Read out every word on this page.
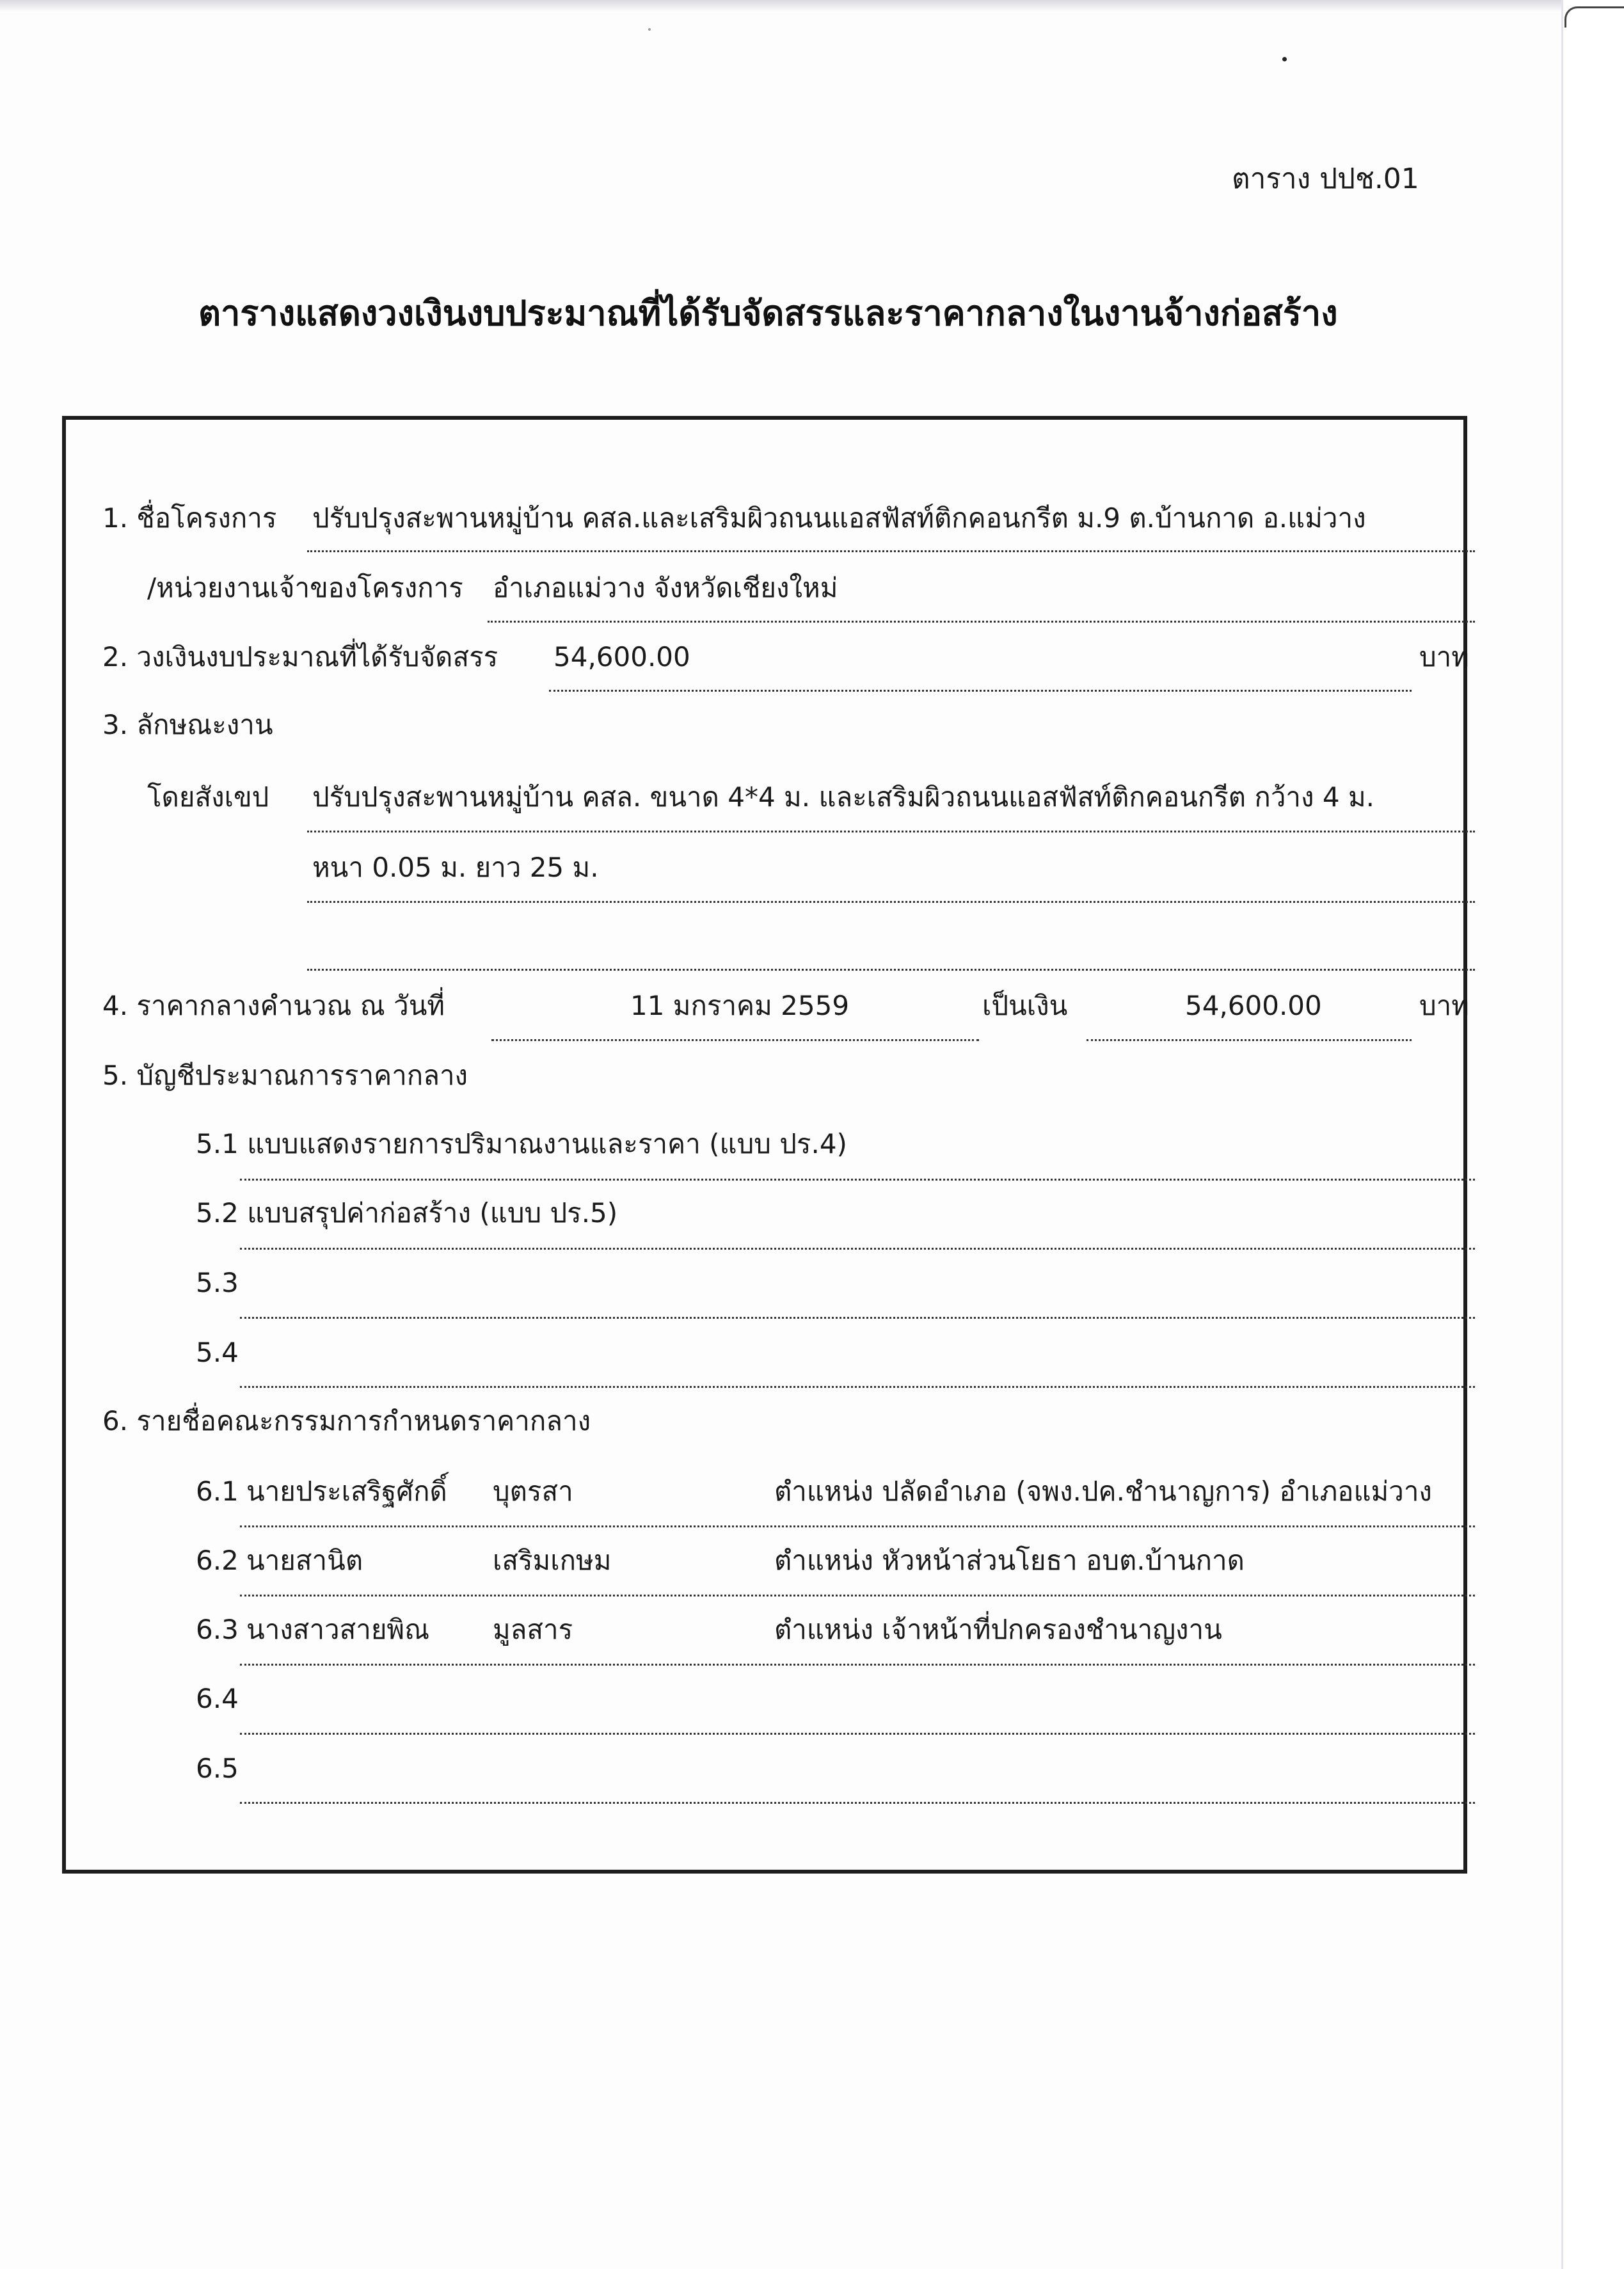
ตาราง ปปช.01
ตารางแสดงวงเงินงบประมาณที่ได้รับจัดสรรและราคากลางในงานจ้างก่อสร้าง
1. ชื่อโครงการ ปรับปรุงสะพานหมู่บ้าน คสล.และเสริมผิวถนนแอสฟัสท์ติกคอนกรีต ม.9 ต.บ้านกาด อ.แม่วาง
/หน่วยงานเจ้าของโครงการ อำเภอแม่วาง จังหวัดเชียงใหม่
2. วงเงินงบประมาณที่ได้รับจัดสรร 54,600.00	บาท
3. ลักษณะงาน
โดยสังเขป ปรับปรุงสะพานหมู่บ้าน คสล. ขนาด 4*4 ม. และเสริมผิวถนนแอสฟัสท์ติกคอนกรีต กว้าง 4 ม.
หนา 0.05 ม. ยาว 25 ม.
4. ราคากลางคำนวณ ณ วันที่	11 มกราคม 2559	เป็นเงิน	54,600.00	บาท
5. บัญชีประมาณการราคากลาง
5.1 แบบแสดงรายการปริมาณงานและราคา (แบบ ปร.4)
5.2 แบบสรุปค่าก่อสร้าง (แบบ ปร.5)
5.3
5.4
6. รายชื่อคณะกรรมการกำหนดราคากลาง
6.1 นายประเสริฐศักดิ์ บุตรสา	ตำแหน่ง ปลัดอำเภอ (จพง.ปค.ชำนาญการ) อำเภอแม่วาง
6.2 นายสานิต	เสริมเกษม	ตำแหน่ง หัวหน้าส่วนโยธา อบต.บ้านกาด
6.3 นางสาวสายพิณ มูลสาร	ตำแหน่ง เจ้าหน้าที่ปกครองชำนาญงาน
6.4
6.5
